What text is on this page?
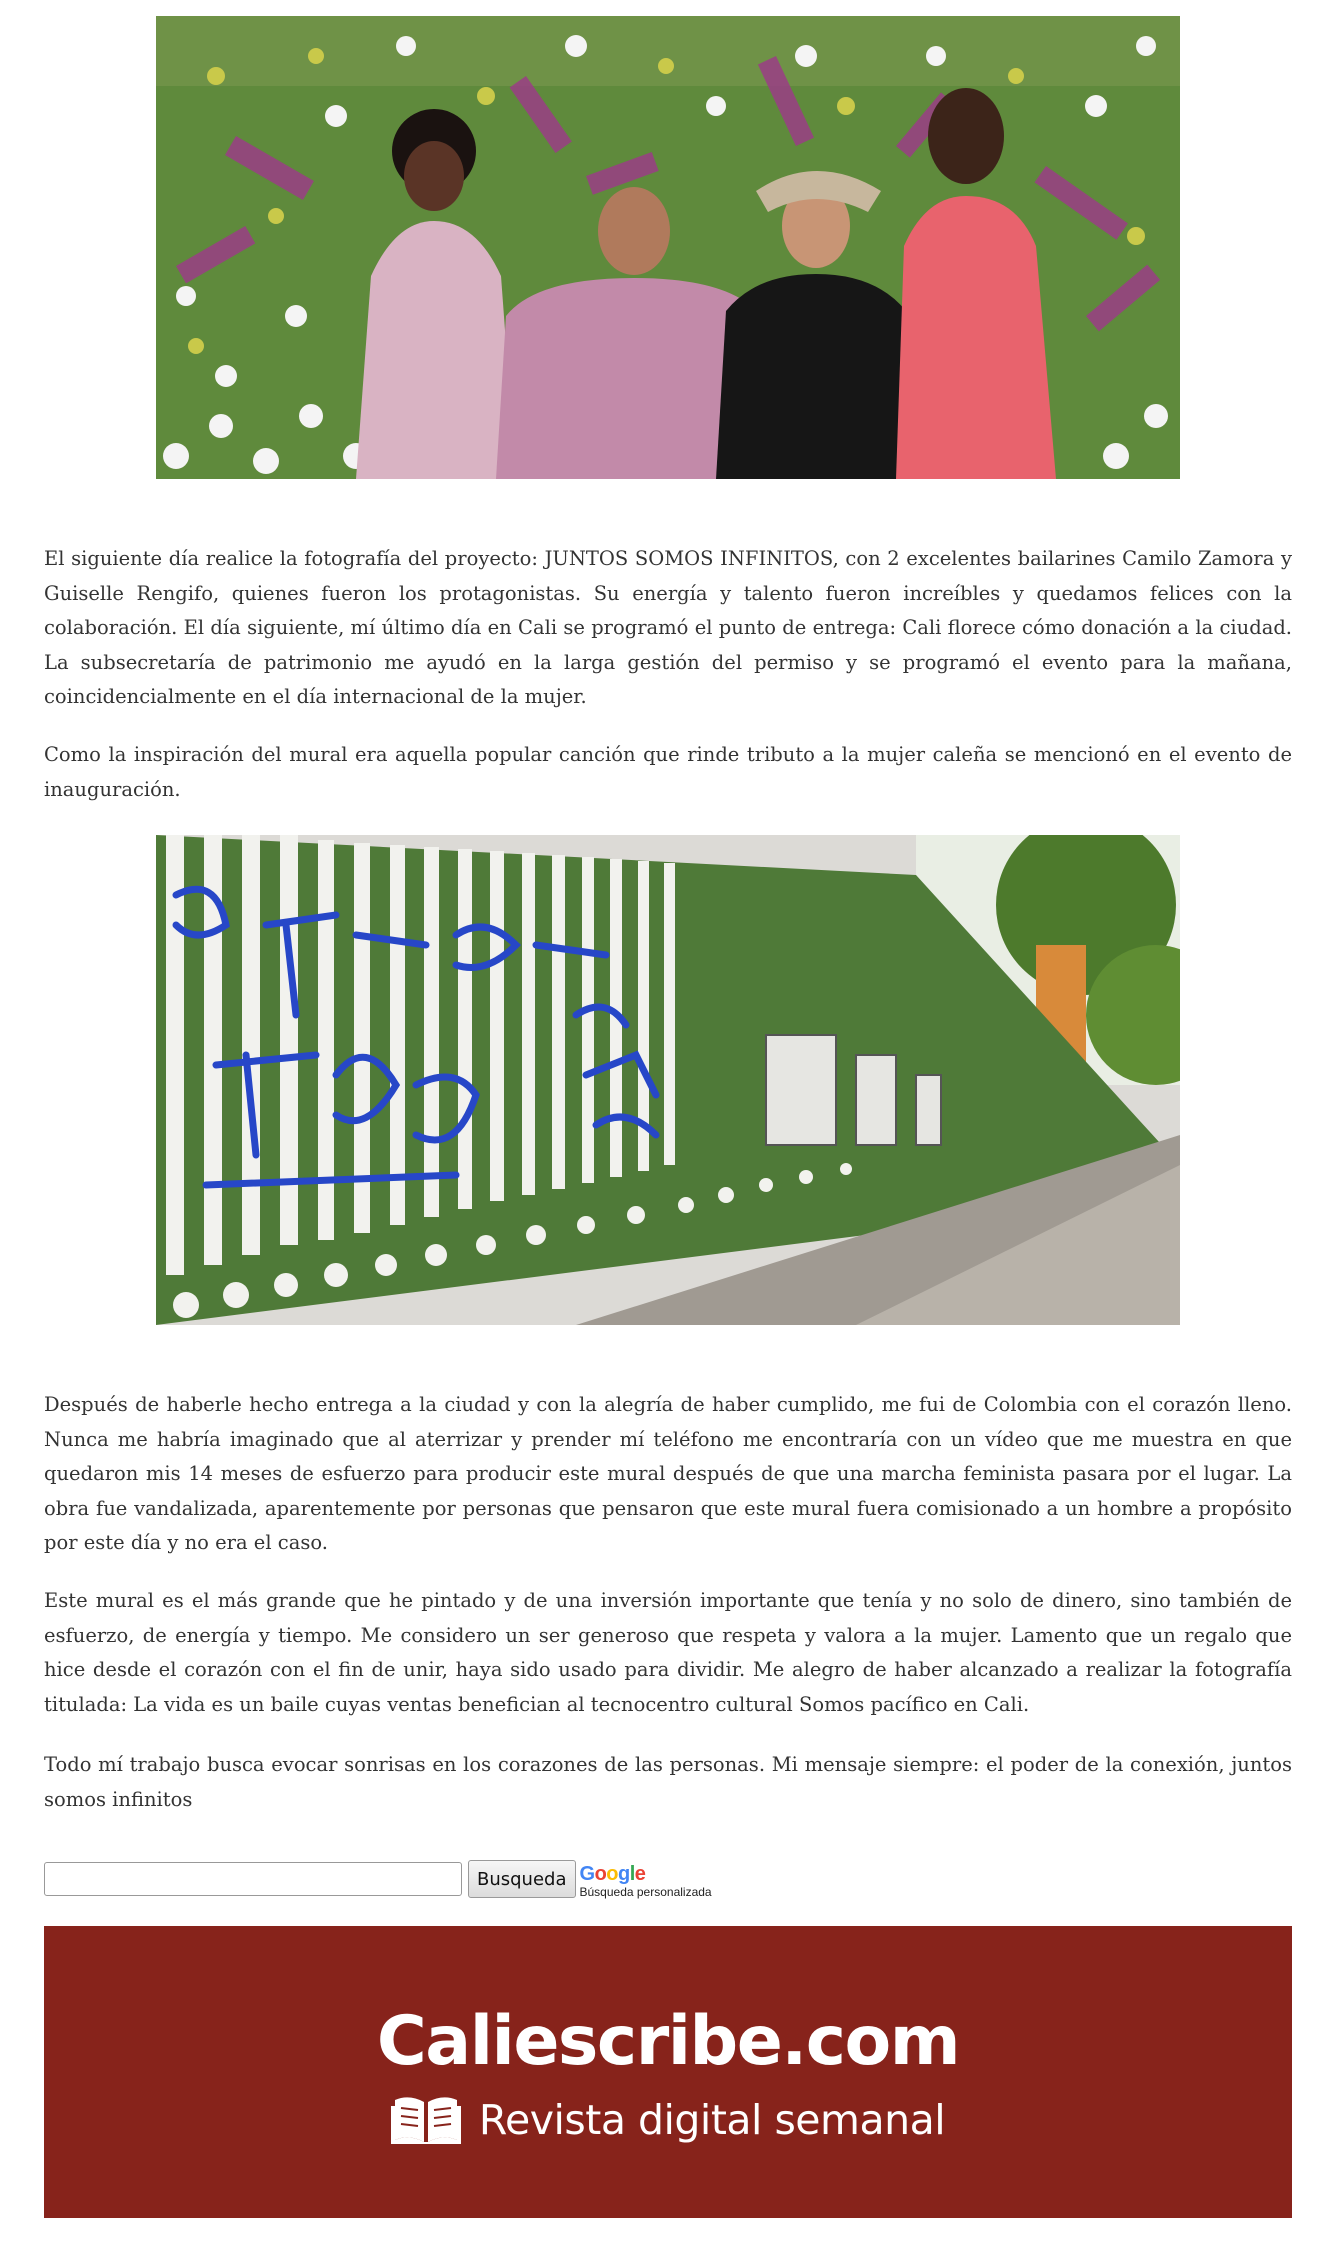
El siguiente día realice la fotografía del proyecto: JUNTOS SOMOS INFINITOS, con 2 excelentes bailarines Camilo Zamora y Guiselle Rengifo, quienes fueron los protagonistas. Su energía y talento fueron increíbles y quedamos felices con la colaboración. El día siguiente, mí último día en Cali se programó el punto de entrega: Cali florece cómo donación a la ciudad. La subsecretaría de patrimonio me ayudó en la larga gestión del permiso y se programó el evento para la mañana, coincidencialmente en el día internacional de la mujer.

Como la inspiración del mural era aquella popular canción que rinde tributo a la mujer caleña se mencionó en el evento de inauguración.

Después de haberle hecho entrega a la ciudad y con la alegría de haber cumplido, me fui de Colombia con el corazón lleno. Nunca me habría imaginado que al aterrizar y prender mí teléfono me encontraría con un vídeo que me muestra en que quedaron mis 14 meses de esfuerzo para producir este mural después de que una marcha feminista pasara por el lugar. La obra fue vandalizada, aparentemente por personas que pensaron que este mural fuera comisionado a un hombre a propósito por este día y no era el caso.

Este mural es el más grande que he pintado y de una inversión importante que tenía y no solo de dinero, sino también de esfuerzo, de energía y tiempo. Me considero un ser generoso que respeta y valora a la mujer. Lamento que un regalo que hice desde el corazón con el fin de unir, haya sido usado para dividir. Me alegro de haber alcanzado a realizar la fotografía titulada: La vida es un baile cuyas ventas benefician al tecnocentro cultural Somos pacífico en Cali.

Todo mí trabajo busca evocar sonrisas en los corazones de las personas. Mi mensaje siempre: el poder de la conexión, juntos somos infinitos

Busqueda Google
Búsqueda personalizada
Caliescribe.com
Revista digital semanal
